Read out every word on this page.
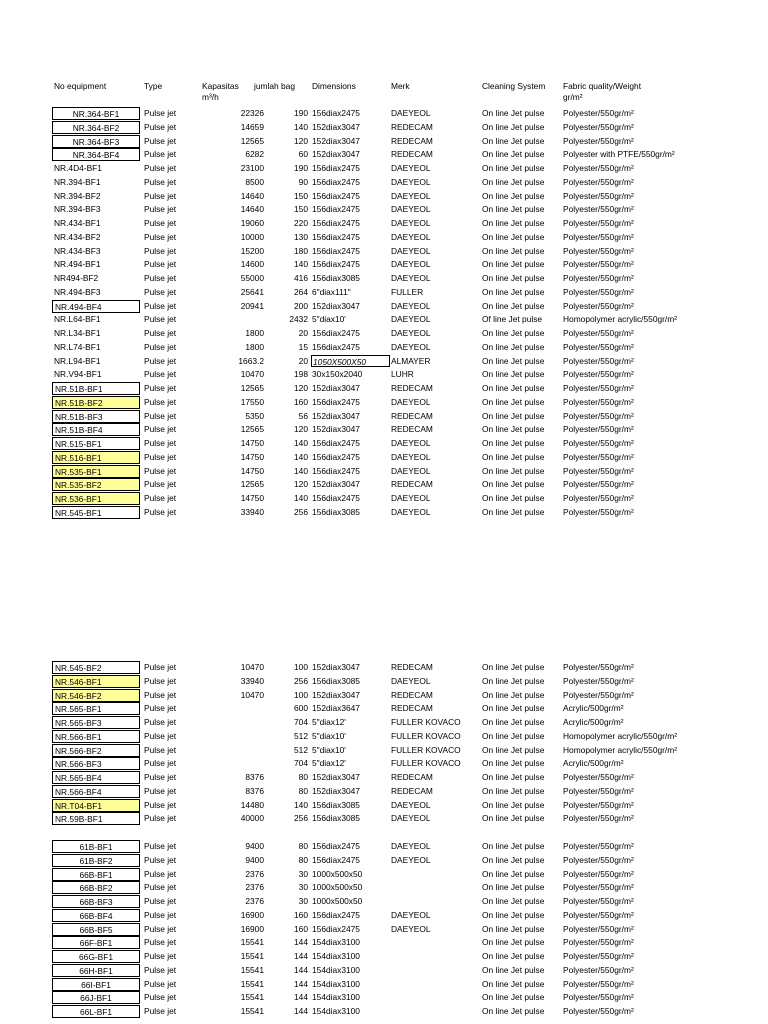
No equipment	Type	Kapasitas
m³/h
jumlah bag Dimensions	Merk	Cleaning System Fabric quality/Weight
gr/m²
NR.364-BF1	Pulse jet	22326	190 156diax2475	DAEYEOL	On line Jet pulse Polyester/550gr/m²
NR.364-BF2	Pulse jet	14659	140 152diax3047	REDECAM	On line Jet pulse Polyester/550gr/m²
NR.364-BF3	Pulse jet	12565	120 152diax3047	REDECAM	On line Jet pulse Polyester/550gr/m²
NR.364-BF4	Pulse jet	6282	60 152diax3047	REDECAM	On line Jet pulse Polyester with PTFE/550gr/m²
NR.4D4-BF1	Pulse jet	23100	190 156diax2475	DAEYEOL	On line Jet pulse Polyester/550gr/m²
NR.394-BF1	Pulse jet	8500	90 156diax2475	DAEYEOL	On line Jet pulse Polyester/550gr/m²
NR.394-BF2	Pulse jet	14640	150 156diax2475	DAEYEOL	On line Jet pulse Polyester/550gr/m²
NR.394-BF3	Pulse jet	14640	150 156diax2475	DAEYEOL	On line Jet pulse Polyester/550gr/m²
NR.434-BF1	Pulse jet	19060	220 156diax2475	DAEYEOL	On line Jet pulse Polyester/550gr/m²
NR.434-BF2	Pulse jet	10000	130 156diax2475	DAEYEOL	On line Jet pulse Polyester/550gr/m²
NR.434-BF3	Pulse jet	15200	180 156diax2475	DAEYEOL	On line Jet pulse Polyester/550gr/m²
NR.494-BF1	Pulse jet	14600	140 156diax2475	DAEYEOL	On line Jet pulse Polyester/550gr/m²
NR494-BF2	Pulse jet	55000	416 156diax3085	DAEYEOL	On line Jet pulse Polyester/550gr/m²
NR.494-BF3	Pulse jet	25641	264 6"diax111"	FULLER	On line Jet pulse Polyester/550gr/m²
NR.494-BF4	Pulse jet	20941	200 152diax3047	DAEYEOL	On line Jet pulse Polyester/550gr/m²
NR.L64-BF1	Pulse jet	2432 5"diax10'	DAEYEOL	Of line Jet pulse Homopolymer acrylic/550gr/m²
NR.L34-BF1	Pulse jet	1800	20 156diax2475	DAEYEOL	On line Jet pulse Polyester/550gr/m²
NR.L74-BF1	Pulse jet	1800	15 156diax2475	DAEYEOL	On line Jet pulse Polyester/550gr/m²
NR.L94-BF1	Pulse jet	1663.2	20 1050X500X50	ALMAYER	On line Jet pulse Polyester/550gr/m²
NR.V94-BF1	Pulse jet	10470	198 30x150x2040	LUHR	On line Jet pulse Polyester/550gr/m²
NR.51B-BF1	Pulse jet	12565	120 152diax3047	REDECAM	On line Jet pulse Polyester/550gr/m²
NR.51B-BF2	Pulse jet	17550	160 156diax2475	DAEYEOL	On line Jet pulse Polyester/550gr/m²
NR.51B-BF3	Pulse jet	5350	56 152diax3047	REDECAM	On line Jet pulse Polyester/550gr/m²
NR.51B-BF4	Pulse jet	12565	120 152diax3047	REDECAM	On line Jet pulse Polyester/550gr/m²
NR.515-BF1	Pulse jet	14750	140 156diax2475	DAEYEOL	On line Jet pulse Polyester/550gr/m²
NR.516-BF1	Pulse jet	14750	140 156diax2475	DAEYEOL	On line Jet pulse Polyester/550gr/m²
NR.535-BF1	Pulse jet	14750	140 156diax2475	DAEYEOL	On line Jet pulse Polyester/550gr/m²
NR.535-BF2	Pulse jet	12565	120 152diax3047	REDECAM	On line Jet pulse Polyester/550gr/m²
NR.536-BF1	Pulse jet	14750	140 156diax2475	DAEYEOL	On line Jet pulse Polyester/550gr/m²
NR.545-BF1	Pulse jet	33940	256 156diax3085	DAEYEOL	On line Jet pulse Polyester/550gr/m²
NR.545-BF2	Pulse jet	10470	100 152diax3047	REDECAM	On line Jet pulse Polyester/550gr/m²
NR.546-BF1	Pulse jet	33940	256 156diax3085	DAEYEOL	On line Jet pulse Polyester/550gr/m²
NR.546-BF2	Pulse jet	10470	100 152diax3047	REDECAM	On line Jet pulse Polyester/550gr/m²
NR.565-BF1	Pulse jet	600 152diax3647	REDECAM	On line Jet pulse Acrylic/500gr/m²
NR.565-BF3	Pulse jet	704 5"diax12'	FULLER KOVACO	On line Jet pulse Acrylic/500gr/m²
NR.566-BF1	Pulse jet	512 5"diax10'	FULLER KOVACO	On line Jet pulse Homopolymer acrylic/550gr/m²
NR.566-BF2	Pulse jet	512 5"diax10'	FULLER KOVACO	On line Jet pulse Homopolymer acrylic/550gr/m²
NR.566-BF3	Pulse jet	704 5"diax12'	FULLER KOVACO	On line Jet pulse Acrylic/500gr/m²
NR.565-BF4	Pulse jet	8376	80 152diax3047	REDECAM	On line Jet pulse Polyester/550gr/m²
NR.566-BF4	Pulse jet	8376	80 152diax3047	REDECAM	On line Jet pulse Polyester/550gr/m²
NR.T04-BF1	Pulse jet	14480	140 156diax3085	DAEYEOL	On line Jet pulse Polyester/550gr/m²
NR.59B-BF1	Pulse jet	40000	256 156diax3085	DAEYEOL	On line Jet pulse Polyester/550gr/m²
61B-BF1	Pulse jet	9400	80 156diax2475	DAEYEOL	On line Jet pulse Polyester/550gr/m²
61B-BF2	Pulse jet	9400	80 156diax2475	DAEYEOL	On line Jet pulse Polyester/550gr/m²
66B-BF1	Pulse jet	2376	30 1000x500x50	On line Jet pulse Polyester/550gr/m²
66B-BF2	Pulse jet	2376	30 1000x500x50	On line Jet pulse Polyester/550gr/m²
66B-BF3	Pulse jet	2376	30 1000x500x50	On line Jet pulse Polyester/550gr/m²
66B-BF4	Pulse jet	16900	160 156diax2475	DAEYEOL	On line Jet pulse Polyester/550gr/m²
66B-BF5	Pulse jet	16900	160 156diax2475	DAEYEOL	On line Jet pulse Polyester/550gr/m²
66F-BF1	Pulse jet	15541	144 154diax3100	On line Jet pulse Polyester/550gr/m²
66G-BF1	Pulse jet	15541	144 154diax3100	On line Jet pulse Polyester/550gr/m²
66H-BF1	Pulse jet	15541	144 154diax3100	On line Jet pulse Polyester/550gr/m²
66I-BF1	Pulse jet	15541	144 154diax3100	On line Jet pulse Polyester/550gr/m²
66J-BF1	Pulse jet	15541	144 154diax3100	On line Jet pulse Polyester/550gr/m²
66L-BF1	Pulse jet	15541	144 154diax3100	On line Jet pulse Polyester/550gr/m²
